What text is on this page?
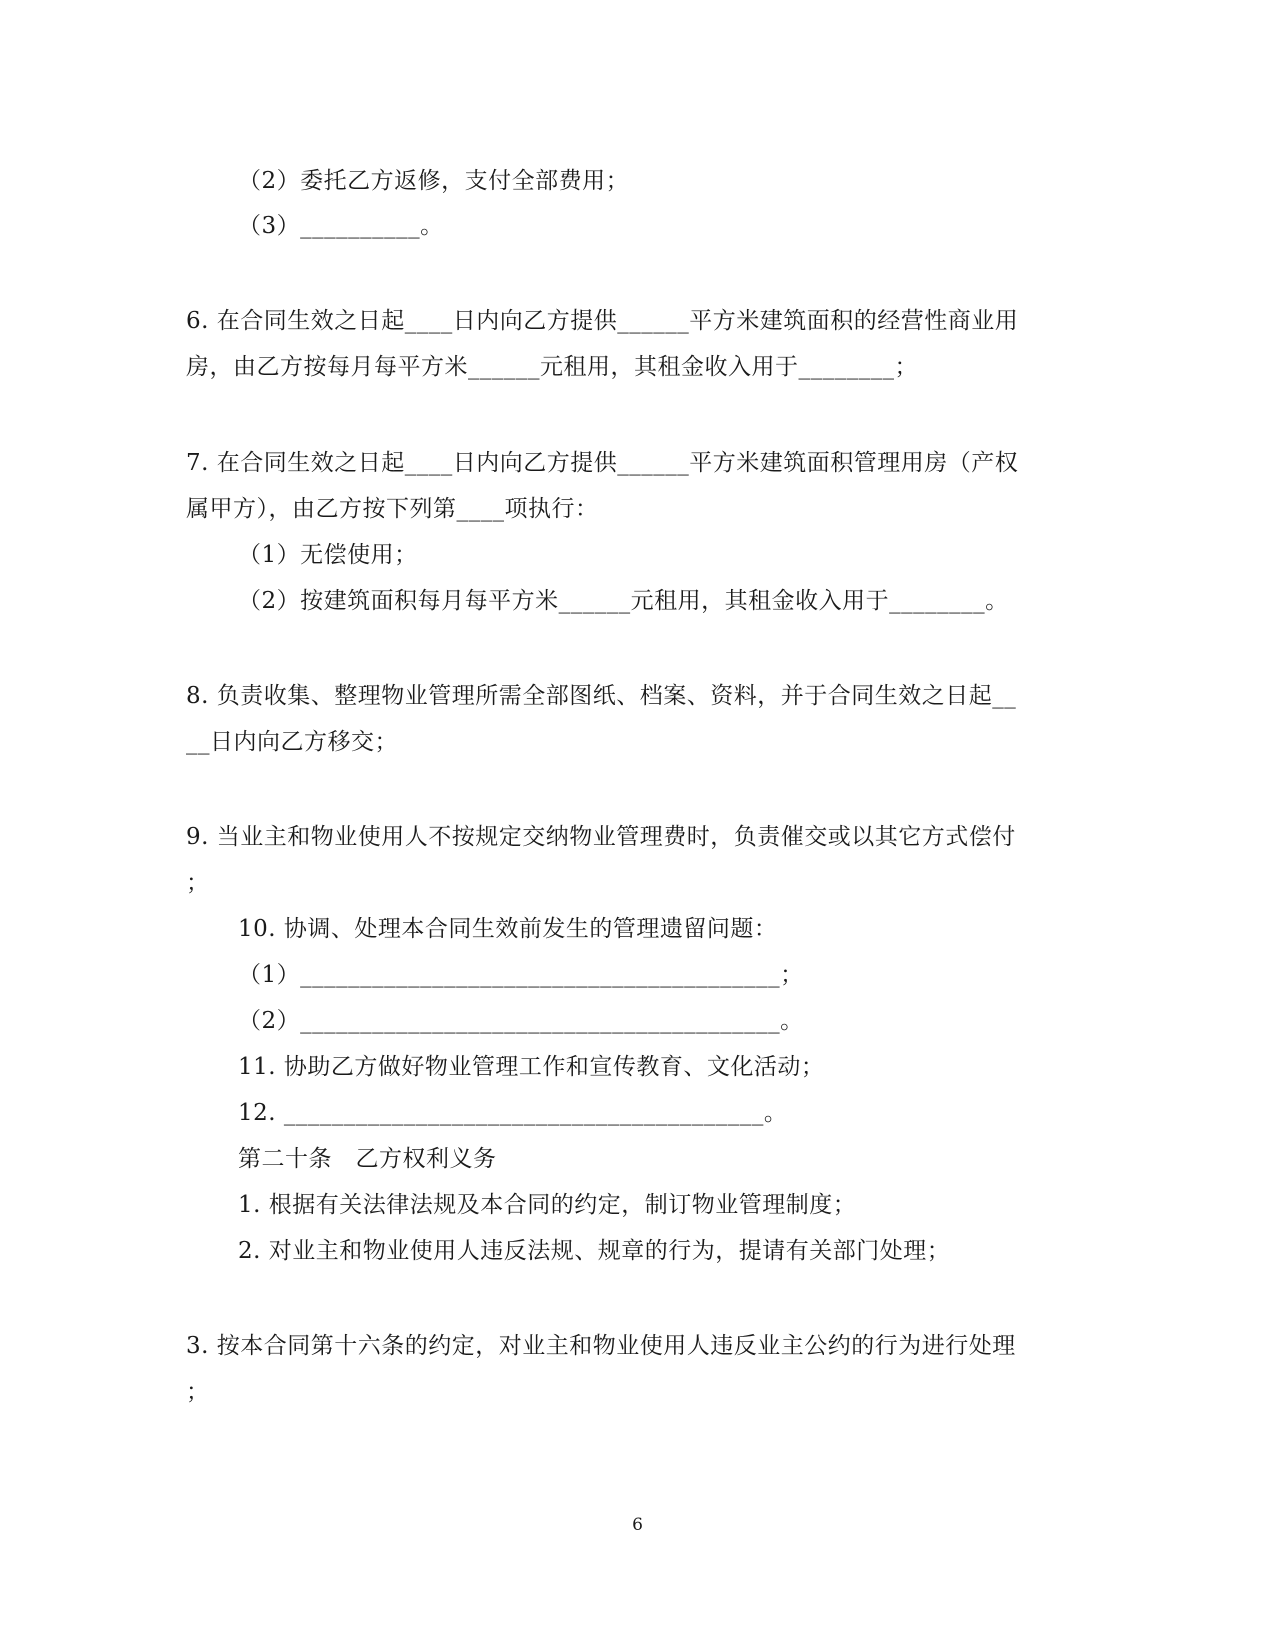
（2）委托乙方返修，支付全部费用；
（3）__________。
6. 在合同生效之日起____日内向乙方提供______平方米建筑面积的经营性商业用
房，由乙方按每月每平方米______元租用，其租金收入用于________；
7. 在合同生效之日起____日内向乙方提供______平方米建筑面积管理用房（产权
属甲方），由乙方按下列第____项执行：
（1）无偿使用；
（2）按建筑面积每月每平方米______元租用，其租金收入用于________。
8. 负责收集、整理物业管理所需全部图纸、档案、资料，并于合同生效之日起__
__日内向乙方移交；
9. 当业主和物业使用人不按规定交纳物业管理费时，负责催交或以其它方式偿付
；
10. 协调、处理本合同生效前发生的管理遗留问题：
（1）________________________________________；
（2）________________________________________。
11. 协助乙方做好物业管理工作和宣传教育、文化活动；
12. ________________________________________。
第二十条　乙方权利义务
1. 根据有关法律法规及本合同的约定，制订物业管理制度；
2. 对业主和物业使用人违反法规、规章的行为，提请有关部门处理；
3. 按本合同第十六条的约定，对业主和物业使用人违反业主公约的行为进行处理
；
6
